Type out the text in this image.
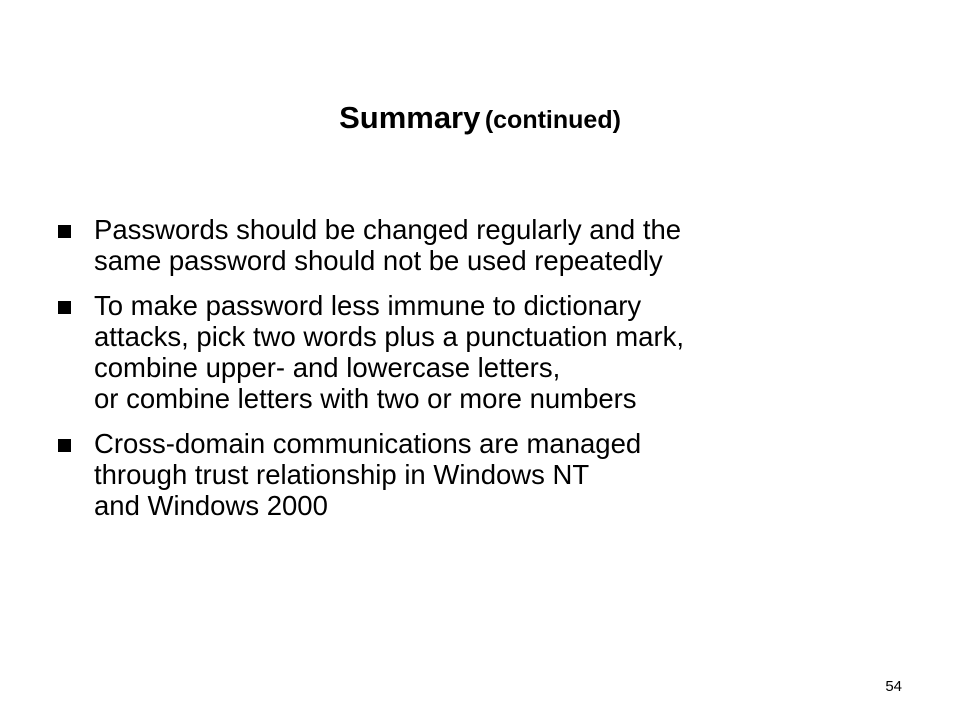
Summary (continued)
Passwords should be changed regularly and the
same password should not be used repeatedly
To make password less immune to dictionary
attacks, pick two words plus a punctuation mark,
combine upper- and lowercase letters,
or combine letters with two or more numbers
Cross-domain communications are managed
through trust relationship in Windows NT
and Windows 2000
54
